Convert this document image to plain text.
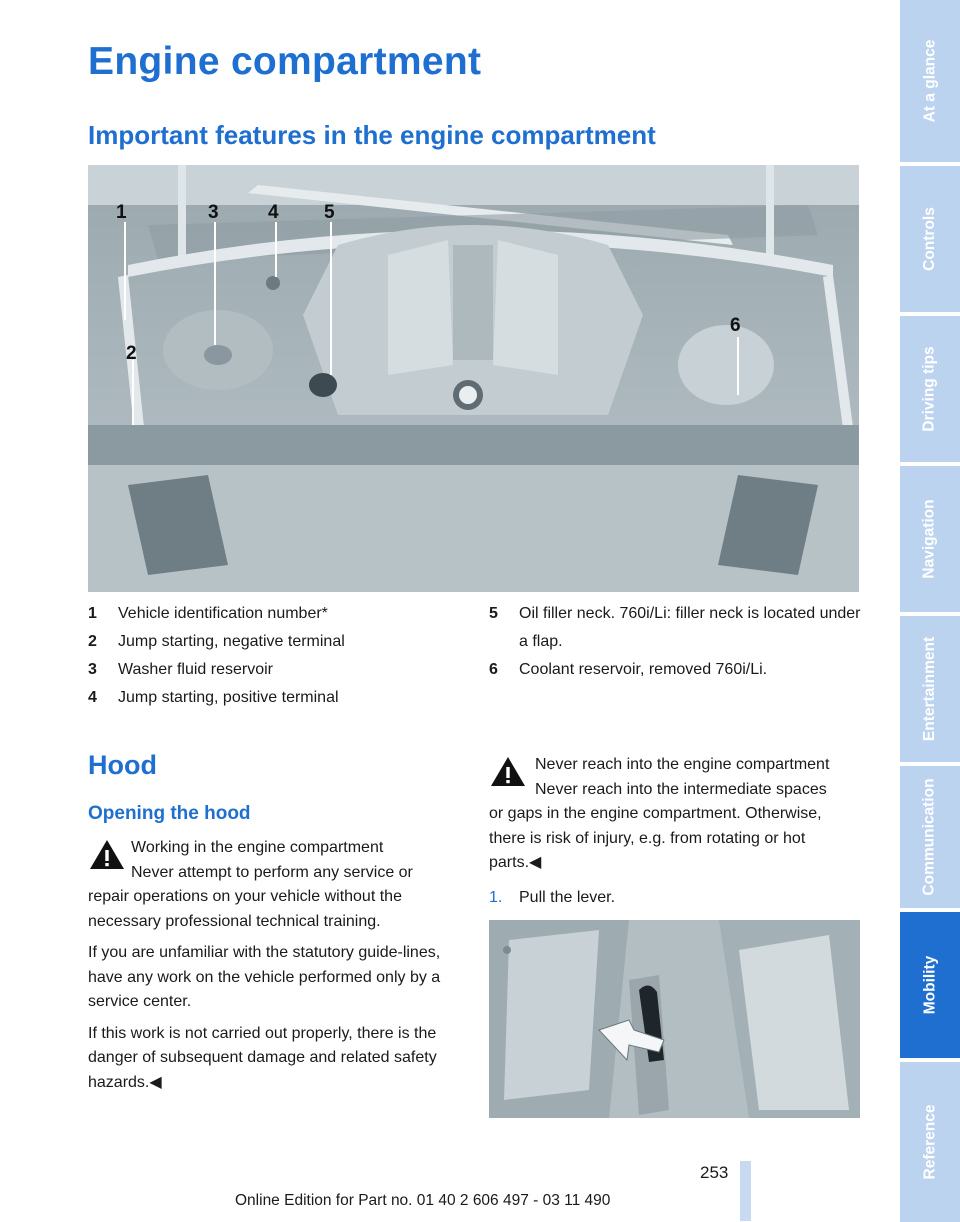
Engine compartment
Important features in the engine compartment
1
2
3	4 5
6
1	Vehicle identification number*
2	Jump starting, negative terminal
3	Washer fluid reservoir
4	Jump starting, positive terminal
5	Oil filler neck. 760i/Li: filler neck is located under a flap.
6	Coolant reservoir, removed 760i/Li.
Hood
Opening the hood
Working in the engine compartment
Never attempt to perform any service or

repair operations on your vehicle without the necessary professional technical training.

If you are unfamiliar with the statutory guide-lines, have any work on the vehicle performed only by a service center.

If this work is not carried out properly, there is the danger of subsequent damage and related safety hazards.◀

Never reach into the engine compartment
Never reach into the intermediate spaces

or gaps in the engine compartment. Otherwise, there is risk of injury, e.g. from rotating or hot parts.◀

1.	Pull the lever.
253
Online Edition for Part no. 01 40 2 606 497 - 03 11 490
At a glance
Controls
Driving tips
Navigation
Entertainment
Communication
Mobility
Reference
